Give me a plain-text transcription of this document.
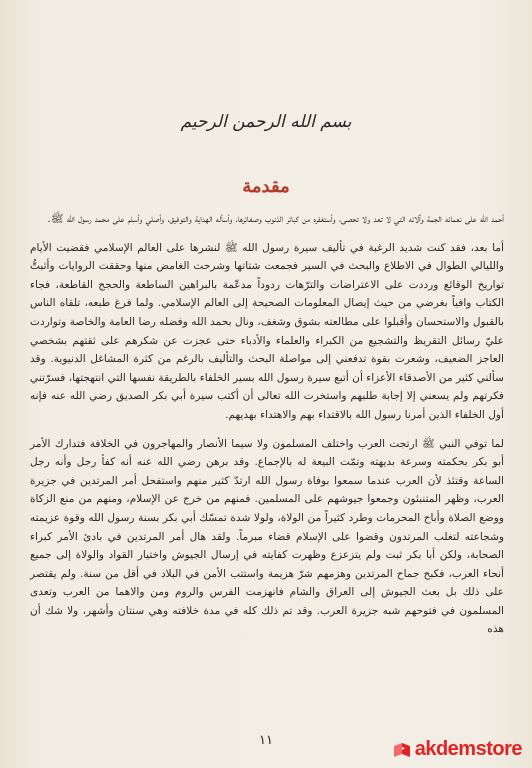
بسم الله الرحمن الرحيم
مقدمة

أحمد الله على نعمائه الجمة وآلائه التي لا تعد ولا تحصى، وأستغفره من كبائر الذنوب وصغائرها، وأسأله الهداية والتوفيق، وأصلي وأسلم على محمد رسول الله ﷺ.

أما بعد، فقد كنت شديد الرغبة في تأليف سيرة رسول الله ﷺ لنشرها على العالم الإسلامي فقضيت الأيام والليالي الطوال في الاطلاع والبحث في السير فجمعت شتاتها وشرحت الغامض منها وحققت الروايات وأثبتُّ تواريخ الوقائع ورددت على الاعتراضات والترّهات ردوداً مدعّمة بالبراهين الساطعة والحجج القاطعة، فجاء الكتاب وافياً بغرضي من حيث إيصال المعلومات الصحيحة إلى العالم الإسلامي. ولما فرغ طبعه، تلقاه الناس بالقبول والاستحسان وأقبلوا على مطالعته بشوق وشغف، ونال بحمد الله وفضله رضا العامة والخاصة وتواردت عليّ رسائل التقريظ والتشجيع من الكبراء والعلماء والأدباء حتى عجزت عن شكرهم على ثقتهم بشخصي العاجز الضعيف، وشعرت بقوة تدفعني إلى مواصلة البحث والتأليف بالرغم من كثرة المشاغل الدنيوية. وقد سألني كثير من الأصدقاء الأعزاء أن أتبع سيرة رسول الله بسير الخلفاء بالطريقة نفسها التي انتهجتها، فسرّتني فكرتهم ولم يسعني إلا إجابة طلبهم واستخرت الله تعالى أن أكتب سيرة أبي بكر الصديق رضي الله عنه فإنه أول الخلفاء الذين أمرنا رسول الله بالاقتداء بهم والاهتداء بهديهم.

لما توفي النبي ﷺ ارتجت العرب واختلف المسلمون ولا سيما الأنصار والمهاجرون في الخلافة فتدارك الأمر أبو بكر بحكمته وسرعة بديهته وتمّت البيعة له بالإجماع. وقد برهن رضي الله عنه أنه كفأ رجل وأنه رجل الساعة وقتئذ لأن العرب عندما سمعوا بوفاة رسول الله ارتدّ كثير منهم واستفحل أمر المرتدين في جزيرة العرب، وظهر المتنبئون وجمعوا جيوشهم على المسلمين. فمنهم من خرج عن الإسلام، ومنهم من منع الزكاة ووضع الصلاة وأباح المحرمات وطرد كثيراً من الولاة، ولولا شدة تمسّك أبي بكر بسنة رسول الله وقوة عزيمته وشجاعته لتغلب المرتدون وقضوا على الإسلام قضاء مبرماً. ولقد هال أمر المرتدين في بادئ الأمر كبراء الصحابة، ولكن أبا بكر ثبت ولم يتزعزع وظهرت كفايته في إرسال الجيوش واختيار القواد والولاة إلى جميع أنحاء العرب، فكبح جماح المرتدين وهزمهم شرّ هزيمة واستتب الأمن في البلاد في أقل من سنة. ولم يقتصر على ذلك بل بعث الجيوش إلى العراق والشام فانهزمت الفرس والروم ومن والاهما من العرب وتعدى المسلمون في فتوحهم شبه جزيرة العرب. وقد تم ذلك كله في مدة خلافته وهي سنتان وأشهر، ولا شك أن هذه

١١	akdemstore
